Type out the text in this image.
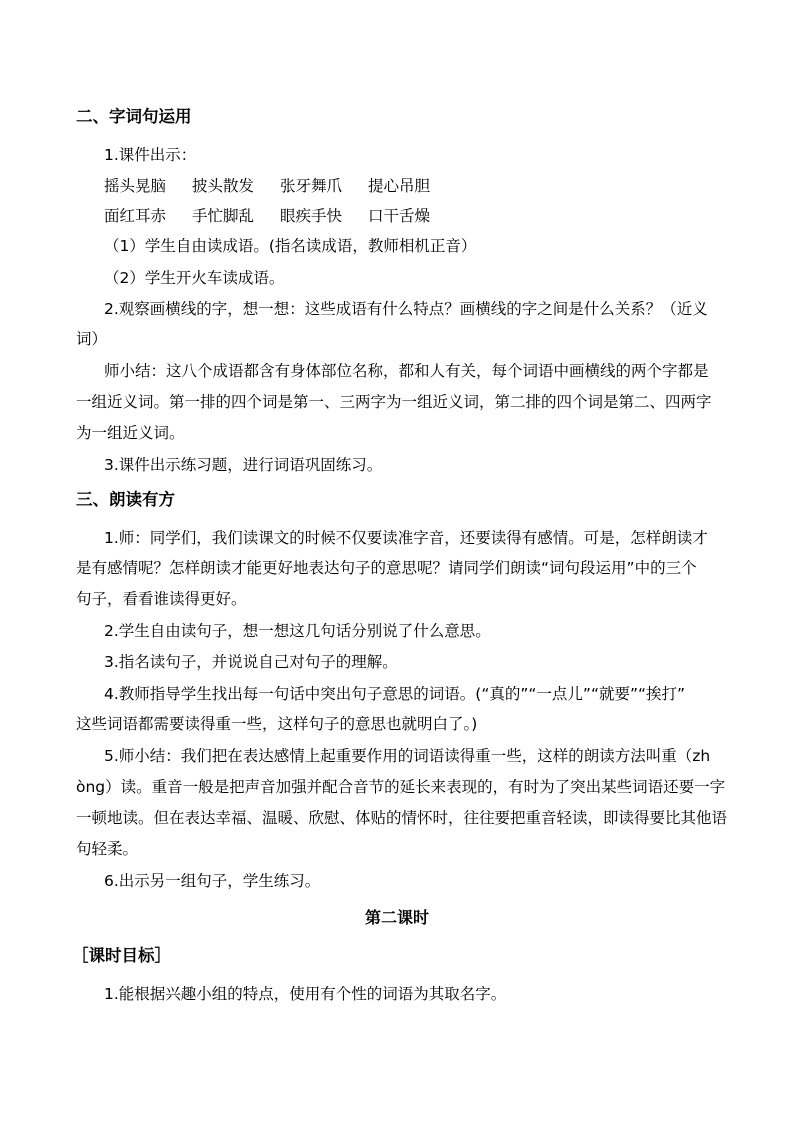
二、字词句运用
1.课件出示：
摇头晃脑 披头散发 张牙舞爪 提心吊胆
面红耳赤 手忙脚乱 眼疾手快 口干舌燥
（1）学生自由读成语。(指名读成语，教师相机正音）
（2）学生开火车读成语。
2.观察画横线的字，想一想：这些成语有什么特点？画横线的字之间是什么关系？（近义
词）
师小结：这八个成语都含有身体部位名称，都和人有关，每个词语中画横线的两个字都是
一组近义词。第一排的四个词是第一、三两字为一组近义词，第二排的四个词是第二、四两字
为一组近义词。
3.课件出示练习题，进行词语巩固练习。
三、朗读有方
1.师：同学们，我们读课文的时候不仅要读准字音，还要读得有感情。可是，怎样朗读才
是有感情呢？怎样朗读才能更好地表达句子的意思呢？请同学们朗读“词句段运用”中的三个
句子，看看谁读得更好。
2.学生自由读句子，想一想这几句话分别说了什么意思。
3.指名读句子，并说说自己对句子的理解。
4.教师指导学生找出每一句话中突出句子意思的词语。(“真的”“一点儿”“就要”“挨打”
这些词语都需要读得重一些，这样句子的意思也就明白了。)
5.师小结：我们把在表达感情上起重要作用的词语读得重一些，这样的朗读方法叫重（zh
òng）读。重音一般是把声音加强并配合音节的延长来表现的，有时为了突出某些词语还要一字
一顿地读。但在表达幸福、温暖、欣慰、体贴的情怀时，往往要把重音轻读，即读得要比其他语
句轻柔。
6.出示另一组句子，学生练习。
第二课时
［课时目标］
1.能根据兴趣小组的特点，使用有个性的词语为其取名字。
